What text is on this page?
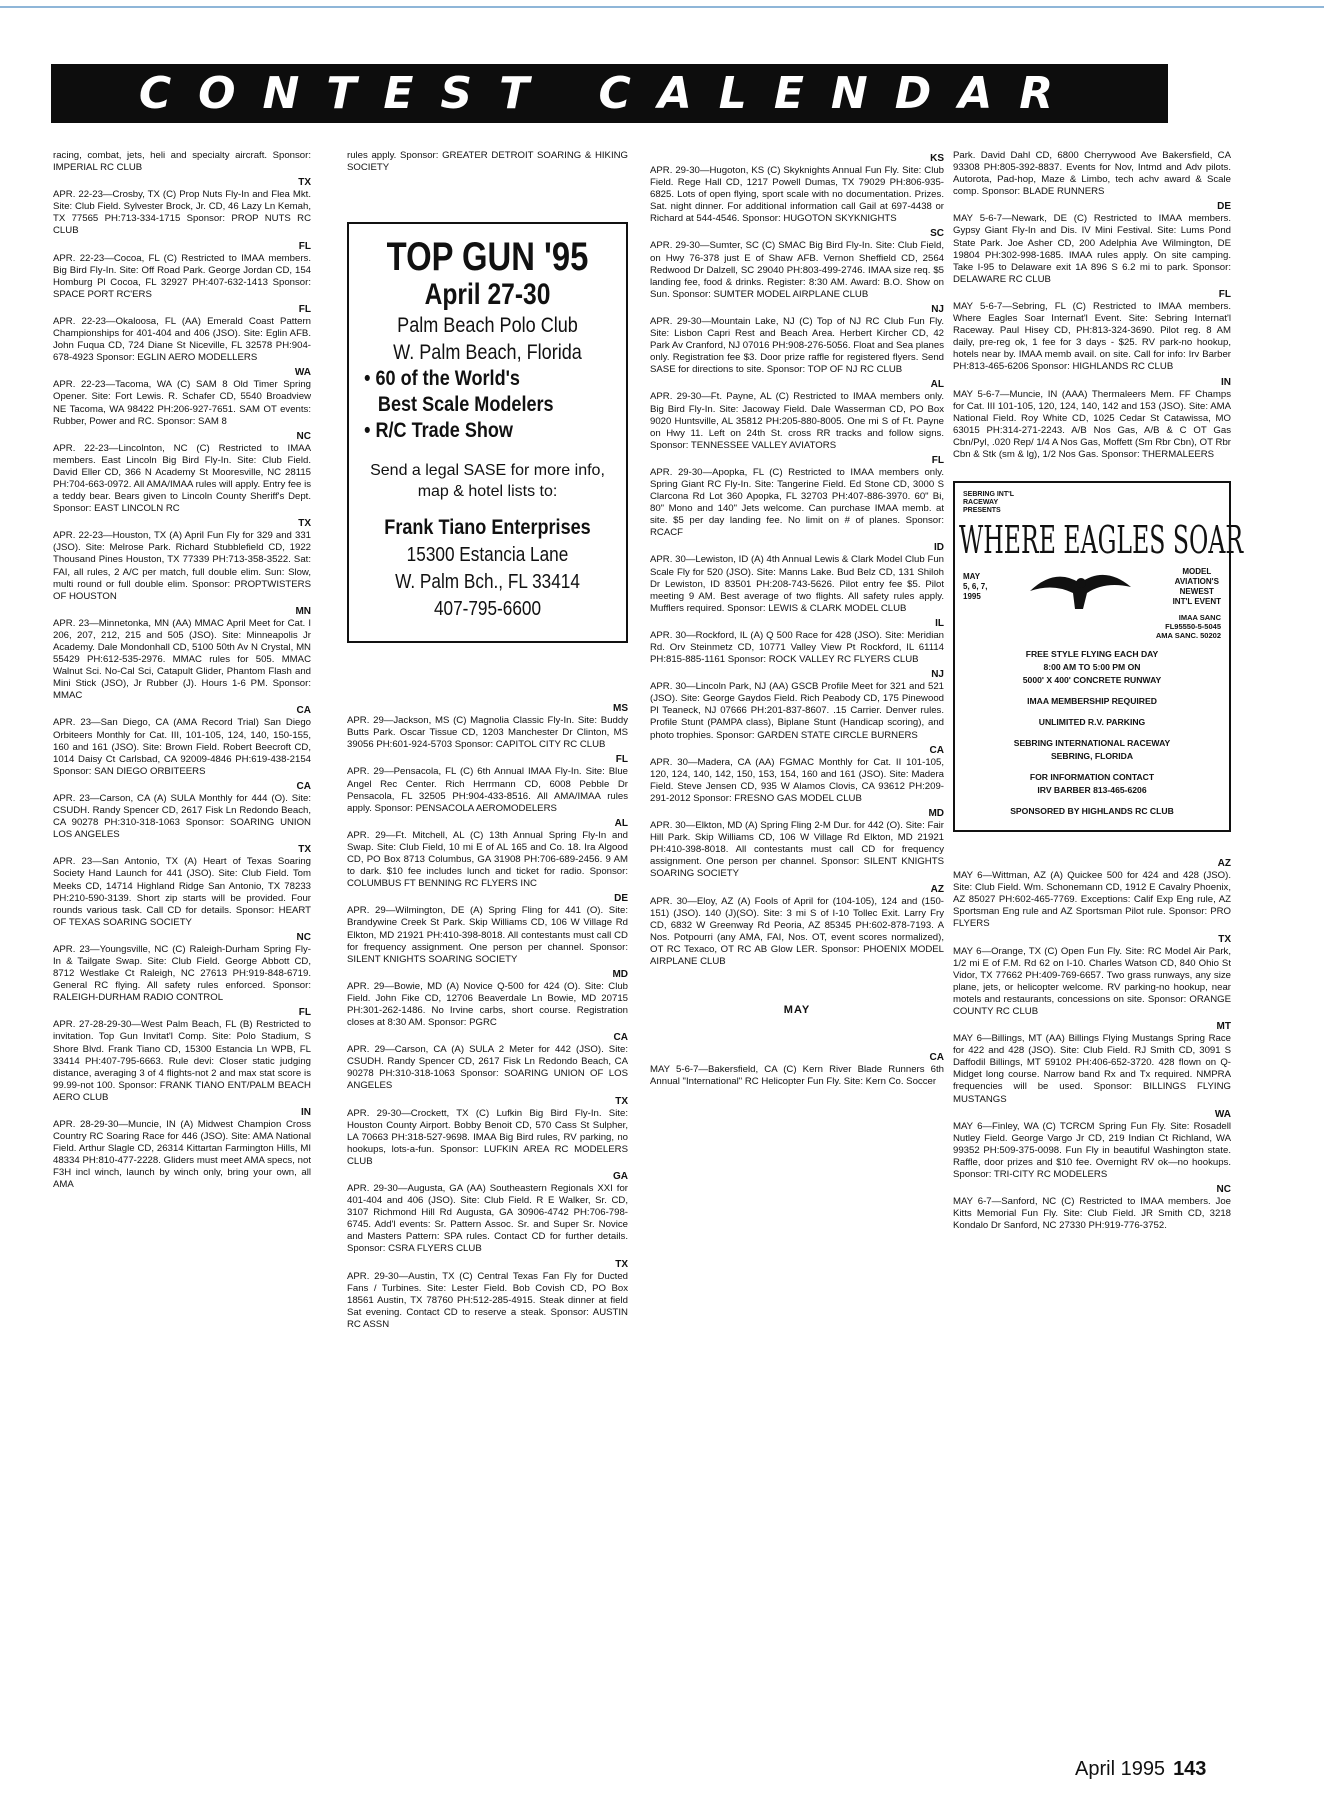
CONTEST CALENDAR
racing, combat, jets, heli and specialty aircraft. Sponsor: IMPERIAL RC CLUB
TX
APR. 22-23—Crosby, TX (C) Prop Nuts Fly-In and Flea Mkt. Site: Club Field. Sylvester Brock, Jr. CD, 46 Lazy Ln Kemah, TX 77565 PH:713-334-1715 Sponsor: PROP NUTS RC CLUB
FL
APR. 22-23—Cocoa, FL (C) Restricted to IMAA members. Big Bird Fly-In. Site: Off Road Park. George Jordan CD, 154 Homburg Pl Cocoa, FL 32927 PH:407-632-1413 Sponsor: SPACE PORT RC'ERS
FL
APR. 22-23—Okaloosa, FL (AA) Emerald Coast Pattern Championships for 401-404 and 406 (JSO). Site: Eglin AFB. John Fuqua CD, 724 Diane St Niceville, FL 32578 PH:904-678-4923 Sponsor: EGLIN AERO MODELLERS
WA
APR. 22-23—Tacoma, WA (C) SAM 8 Old Timer Spring Opener. Site: Fort Lewis. R. Schafer CD, 5540 Broadview NE Tacoma, WA 98422 PH:206-927-7651. SAM OT events: Rubber, Power and RC. Sponsor: SAM 8
NC
APR. 22-23—Lincolnton, NC (C) Restricted to IMAA members. East Lincoln Big Bird Fly-In. Site: Club Field. David Eller CD, 366 N Academy St Mooresville, NC 28115 PH:704-663-0972. All AMA/IMAA rules will apply. Entry fee is a teddy bear. Bears given to Lincoln County Sheriff's Dept. Sponsor: EAST LINCOLN RC
TX
APR. 22-23—Houston, TX (A) April Fun Fly for 329 and 331 (JSO). Site: Melrose Park. Richard Stubblefield CD, 1922 Thousand Pines Houston, TX 77339 PH:713-358-3522. Sat: FAI, all rules, 2 A/C per match, full double elim. Sun: Slow, multi round or full double elim. Sponsor: PROPTWISTERS OF HOUSTON
MN
APR. 23—Minnetonka, MN (AA) MMAC April Meet for Cat. I 206, 207, 212, 215 and 505 (JSO). Site: Minneapolis Jr Academy. Dale Mondonhall CD, 5100 50th Av N Crystal, MN 55429 PH:612-535-2976. MMAC rules for 505. MMAC Walnut Sci. No-Cal Sci, Catapult Glider, Phantom Flash and Mini Stick (JSO), Jr Rubber (J). Hours 1-6 PM. Sponsor: MMAC
CA
APR. 23—San Diego, CA (AMA Record Trial) San Diego Orbiteers Monthly for Cat. III, 101-105, 124, 140, 150-155, 160 and 161 (JSO). Site: Brown Field. Robert Beecroft CD, 1014 Daisy Ct Carlsbad, CA 92009-4846 PH:619-438-2154 Sponsor: SAN DIEGO ORBITEERS
CA
APR. 23—Carson, CA (A) SULA Monthly for 444 (O). Site: CSUDH. Randy Spencer CD, 2617 Fisk Ln Redondo Beach, CA 90278 PH:310-318-1063 Sponsor: SOARING UNION LOS ANGELES
TX
APR. 23—San Antonio, TX (A) Heart of Texas Soaring Society Hand Launch for 441 (JSO). Site: Club Field. Tom Meeks CD, 14714 Highland Ridge San Antonio, TX 78233 PH:210-590-3139. Short zip starts will be provided. Four rounds various task. Call CD for details. Sponsor: HEART OF TEXAS SOARING SOCIETY
NC
APR. 23—Youngsville, NC (C) Raleigh-Durham Spring Fly-In & Tailgate Swap. Site: Club Field. George Abbott CD, 8712 Westlake Ct Raleigh, NC 27613 PH:919-848-6719. General RC flying. All safety rules enforced. Sponsor: RALEIGH-DURHAM RADIO CONTROL
FL
APR. 27-28-29-30—West Palm Beach, FL (B) Restricted to invitation. Top Gun Invitat'l Comp. Site: Polo Stadium, S Shore Blvd. Frank Tiano CD, 15300 Estancia Ln WPB, FL 33414 PH:407-795-6663. Rule devi: Closer static judging distance, averaging 3 of 4 flights-not 2 and max stat score is 99.99-not 100. Sponsor: FRANK TIANO ENT/PALM BEACH AERO CLUB
IN
APR. 28-29-30—Muncie, IN (A) Midwest Champion Cross Country RC Soaring Race for 446 (JSO). Site: AMA National Field. Arthur Slagle CD, 26314 Kittartan Farmington Hills, MI 48334 PH:810-477-2228. Gliders must meet AMA specs, not F3H incl winch, launch by winch only, bring your own, all AMA
rules apply. Sponsor: GREATER DETROIT SOARING & HIKING SOCIETY
TOP GUN '95
April 27-30
Palm Beach Polo Club
W. Palm Beach, Florida
• 60 of the World's
Best Scale Modelers
• R/C Trade Show
Send a legal SASE for more info, map & hotel lists to:
Frank Tiano Enterprises
15300 Estancia Lane
W. Palm Bch., FL 33414
407-795-6600
MS
APR. 29—Jackson, MS (C) Magnolia Classic Fly-In. Site: Buddy Butts Park. Oscar Tissue CD, 1203 Manchester Dr Clinton, MS 39056 PH:601-924-5703 Sponsor: CAPITOL CITY RC CLUB
FL
APR. 29—Pensacola, FL (C) 6th Annual IMAA Fly-In. Site: Blue Angel Rec Center. Rich Herrmann CD, 6008 Pebble Dr Pensacola, FL 32505 PH:904-433-8516. All AMA/IMAA rules apply. Sponsor: PENSACOLA AEROMODELERS
AL
APR. 29—Ft. Mitchell, AL (C) 13th Annual Spring Fly-In and Swap. Site: Club Field, 10 mi E of AL 165 and Co. 18. Ira Algood CD, PO Box 8713 Columbus, GA 31908 PH:706-689-2456. 9 AM to dark. $10 fee includes lunch and ticket for radio. Sponsor: COLUMBUS FT BENNING RC FLYERS INC
DE
APR. 29—Wilmington, DE (A) Spring Fling for 441 (O). Site: Brandywine Creek St Park. Skip Williams CD, 106 W Village Rd Elkton, MD 21921 PH:410-398-8018. All contestants must call CD for frequency assignment. One person per channel. Sponsor: SILENT KNIGHTS SOARING SOCIETY
MD
APR. 29—Bowie, MD (A) Novice Q-500 for 424 (O). Site: Club Field. John Fike CD, 12706 Beaverdale Ln Bowie, MD 20715 PH:301-262-1486. No Irvine carbs, short course. Registration closes at 8:30 AM. Sponsor: PGRC
CA
APR. 29—Carson, CA (A) SULA 2 Meter for 442 (JSO). Site: CSUDH. Randy Spencer CD, 2617 Fisk Ln Redondo Beach, CA 90278 PH:310-318-1063 Sponsor: SOARING UNION OF LOS ANGELES
TX
APR. 29-30—Crockett, TX (C) Lufkin Big Bird Fly-In. Site: Houston County Airport. Bobby Benoit CD, 570 Cass St Sulpher, LA 70663 PH:318-527-9698. IMAA Big Bird rules, RV parking, no hookups, lots-a-fun. Sponsor: LUFKIN AREA RC MODELERS CLUB
GA
APR. 29-30—Augusta, GA (AA) Southeastern Regionals XXI for 401-404 and 406 (JSO). Site: Club Field. R E Walker, Sr. CD, 3107 Richmond Hill Rd Augusta, GA 30906-4742 PH:706-798-6745. Add'l events: Sr. Pattern Assoc. Sr. and Super Sr. Novice and Masters Pattern: SPA rules. Contact CD for further details. Sponsor: CSRA FLYERS CLUB
TX
APR. 29-30—Austin, TX (C) Central Texas Fan Fly for Ducted Fans / Turbines. Site: Lester Field. Bob Covish CD, PO Box 18561 Austin, TX 78760 PH:512-285-4915. Steak dinner at field Sat evening. Contact CD to reserve a steak. Sponsor: AUSTIN RC ASSN
KS
APR. 29-30—Hugoton, KS (C) Skyknights Annual Fun Fly. Site: Club Field. Rege Hall CD, 1217 Powell Dumas, TX 79029 PH:806-935-6825. Lots of open flying, sport scale with no documentation. Prizes. Sat. night dinner. For additional information call Gail at 697-4438 or Richard at 544-4546. Sponsor: HUGOTON SKYKNIGHTS
SC
APR. 29-30—Sumter, SC (C) SMAC Big Bird Fly-In. Site: Club Field, on Hwy 76-378 just E of Shaw AFB. Vernon Sheffield CD, 2564 Redwood Dr Dalzell, SC 29040 PH:803-499-2746. IMAA size req. $5 landing fee, food & drinks. Register: 8:30 AM. Award: B.O. Show on Sun. Sponsor: SUMTER MODEL AIRPLANE CLUB
NJ
APR. 29-30—Mountain Lake, NJ (C) Top of NJ RC Club Fun Fly. Site: Lisbon Capri Rest and Beach Area. Herbert Kircher CD, 42 Park Av Cranford, NJ 07016 PH:908-276-5056. Float and Sea planes only. Registration fee $3. Door prize raffle for registered flyers. Send SASE for directions to site. Sponsor: TOP OF NJ RC CLUB
AL
APR. 29-30—Ft. Payne, AL (C) Restricted to IMAA members only. Big Bird Fly-In. Site: Jacoway Field. Dale Wasserman CD, PO Box 9020 Huntsville, AL 35812 PH:205-880-8005. One mi S of Ft. Payne on Hwy 11. Left on 24th St. cross RR tracks and follow signs. Sponsor: TENNESSEE VALLEY AVIATORS
FL
APR. 29-30—Apopka, FL (C) Restricted to IMAA members only. Spring Giant RC Fly-In. Site: Tangerine Field. Ed Stone CD, 3000 S Clarcona Rd Lot 360 Apopka, FL 32703 PH:407-886-3970. 60" Bi, 80" Mono and 140" Jets welcome. Can purchase IMAA memb. at site. $5 per day landing fee. No limit on # of planes. Sponsor: RCACF
ID
APR. 30—Lewiston, ID (A) 4th Annual Lewis & Clark Model Club Fun Scale Fly for 520 (JSO). Site: Manns Lake. Bud Belz CD, 131 Shiloh Dr Lewiston, ID 83501 PH:208-743-5626. Pilot entry fee $5. Pilot meeting 9 AM. Best average of two flights. All safety rules apply. Mufflers required. Sponsor: LEWIS & CLARK MODEL CLUB
IL
APR. 30—Rockford, IL (A) Q 500 Race for 428 (JSO). Site: Meridian Rd. Orv Steinmetz CD, 10771 Valley View Pt Rockford, IL 61114 PH:815-885-1161 Sponsor: ROCK VALLEY RC FLYERS CLUB
NJ
APR. 30—Lincoln Park, NJ (AA) GSCB Profile Meet for 321 and 521 (JSO). Site: George Gaydos Field. Rich Peabody CD, 175 Pinewood Pl Teaneck, NJ 07666 PH:201-837-8607. .15 Carrier. Denver rules. Profile Stunt (PAMPA class), Biplane Stunt (Handicap scoring), and photo trophies. Sponsor: GARDEN STATE CIRCLE BURNERS
CA
APR. 30—Madera, CA (AA) FGMAC Monthly for Cat. II 101-105, 120, 124, 140, 142, 150, 153, 154, 160 and 161 (JSO). Site: Madera Field. Steve Jensen CD, 935 W Alamos Clovis, CA 93612 PH:209-291-2012 Sponsor: FRESNO GAS MODEL CLUB
MD
APR. 30—Elkton, MD (A) Spring Fling 2-M Dur. for 442 (O). Site: Fair Hill Park. Skip Williams CD, 106 W Village Rd Elkton, MD 21921 PH:410-398-8018. All contestants must call CD for frequency assignment. One person per channel. Sponsor: SILENT KNIGHTS SOARING SOCIETY
AZ
APR. 30—Eloy, AZ (A) Fools of April for (104-105), 124 and (150-151) (JSO). 140 (J)(SO). Site: 3 mi S of I-10 Tollec Exit. Larry Fry CD, 6832 W Greenway Rd Peoria, AZ 85345 PH:602-878-7193. A Nos. Potpourri (any AMA, FAI, Nos. OT, event scores normalized), OT RC Texaco, OT RC AB Glow LER. Sponsor: PHOENIX MODEL AIRPLANE CLUB
MAY
CA
MAY 5-6-7—Bakersfield, CA (C) Kern River Blade Runners 6th Annual "International" RC Helicopter Fun Fly. Site: Kern Co. Soccer
Park. David Dahl CD, 6800 Cherrywood Ave Bakersfield, CA 93308 PH:805-392-8837. Events for Nov, Intmd and Adv pilots. Autorota, Pad-hop, Maze & Limbo, tech achv award & Scale comp. Sponsor: BLADE RUNNERS
DE
MAY 5-6-7—Newark, DE (C) Restricted to IMAA members. Gypsy Giant Fly-In and Dis. IV Mini Festival. Site: Lums Pond State Park. Joe Asher CD, 200 Adelphia Ave Wilmington, DE 19804 PH:302-998-1685. IMAA rules apply. On site camping. Take I-95 to Delaware exit 1A 896 S 6.2 mi to park. Sponsor: DELAWARE RC CLUB
FL
MAY 5-6-7—Sebring, FL (C) Restricted to IMAA members. Where Eagles Soar Internat'l Event. Site: Sebring Internat'l Raceway. Paul Hisey CD, PH:813-324-3690. Pilot reg. 8 AM daily, pre-reg ok, 1 fee for 3 days - $25. RV park-no hookup, hotels near by. IMAA memb avail. on site. Call for info: Irv Barber PH:813-465-6206 Sponsor: HIGHLANDS RC CLUB
IN
MAY 5-6-7—Muncie, IN (AAA) Thermaleers Mem. FF Champs for Cat. III 101-105, 120, 124, 140, 142 and 153 (JSO). Site: AMA National Field. Roy White CD, 1025 Cedar St Catawissa, MO 63015 PH:314-271-2243. A/B Nos Gas, A/B & C OT Gas Cbn/Pyl, .020 Rep/ 1/4 A Nos Gas, Moffett (Sm Rbr Cbn), OT Rbr Cbn & Stk (sm & lg), 1/2 Nos Gas. Sponsor: THERMALEERS
SEBRING INT'L RACEWAY PRESENTS
WHERE EAGLES SOAR
MAY
5, 6, 7,
1995
MODEL
AVIATION'S
NEWEST
INT'L EVENT
IMAA SANC
FL95550-5-5045
AMA SANC. 50202
FREE STYLE FLYING EACH DAY
8:00 AM TO 5:00 PM ON
5000' X 400' CONCRETE RUNWAY
IMAA MEMBERSHIP REQUIRED
UNLIMITED R.V. PARKING
SEBRING INTERNATIONAL RACEWAY
SEBRING, FLORIDA
FOR INFORMATION CONTACT
IRV BARBER 813-465-6206
SPONSORED BY HIGHLANDS RC CLUB
AZ
MAY 6—Wittman, AZ (A) Quickee 500 for 424 and 428 (JSO). Site: Club Field. Wm. Schonemann CD, 1912 E Cavalry Phoenix, AZ 85027 PH:602-465-7769. Exceptions: Calif Exp Eng rule, AZ Sportsman Eng rule and AZ Sportsman Pilot rule. Sponsor: PRO FLYERS
TX
MAY 6—Orange, TX (C) Open Fun Fly. Site: RC Model Air Park, 1/2 mi E of F.M. Rd 62 on I-10. Charles Watson CD, 840 Ohio St Vidor, TX 77662 PH:409-769-6657. Two grass runways, any size plane, jets, or helicopter welcome. RV parking-no hookup, near motels and restaurants, concessions on site. Sponsor: ORANGE COUNTY RC CLUB
MT
MAY 6—Billings, MT (AA) Billings Flying Mustangs Spring Race for 422 and 428 (JSO). Site: Club Field. RJ Smith CD, 3091 S Daffodil Billings, MT 59102 PH:406-652-3720. 428 flown on Q-Midget long course. Narrow band Rx and Tx required. NMPRA frequencies will be used. Sponsor: BILLINGS FLYING MUSTANGS
WA
MAY 6—Finley, WA (C) TCRCM Spring Fun Fly. Site: Rosadell Nutley Field. George Vargo Jr CD, 219 Indian Ct Richland, WA 99352 PH:509-375-0098. Fun Fly in beautiful Washington state. Raffle, door prizes and $10 fee. Overnight RV ok—no hookups. Sponsor: TRI-CITY RC MODELERS
NC
MAY 6-7—Sanford, NC (C) Restricted to IMAA members. Joe Kitts Memorial Fun Fly. Site: Club Field. JR Smith CD, 3218 Kondalo Dr Sanford, NC 27330 PH:919-776-3752.
April 1995 143
